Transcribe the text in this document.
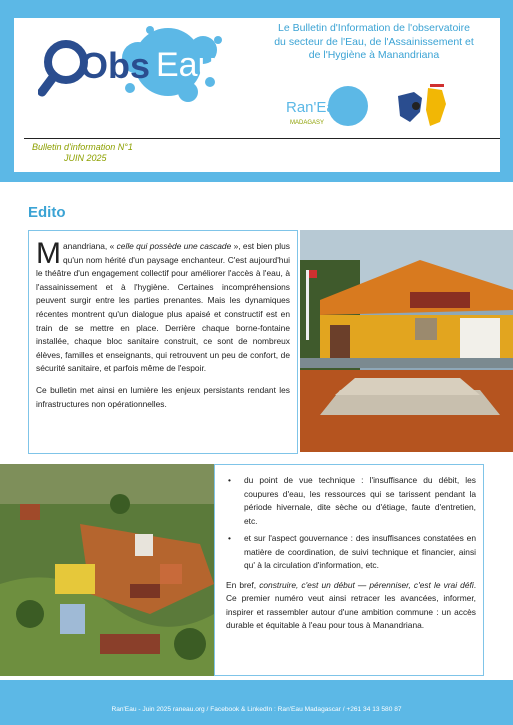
Obs Eau
Le Bulletin d'Information de l'observatoire
du secteur de l'Eau, de l'Assainissement et
de l'Hygiène à Manandriana
Ran'Eau
MADAGASY
Bulletin d'information N°1
JUIN 2025
Edito

Manandriana, « celle qui possède une cascade », est bien plus qu'un nom hérité d'un paysage enchanteur. C'est aujourd'hui le théâtre d'un engagement collectif pour améliorer l'accès à l'eau, à l'assainissement et à l'hygiène. Certaines incompréhensions peuvent surgir entre les parties prenantes. Mais les dynamiques récentes montrent qu'un dialogue plus apaisé et constructif est en train de se mettre en place. Derrière chaque borne-fontaine installée, chaque bloc sanitaire construit, ce sont de nombreux élèves, familles et enseignants, qui retrouvent un peu de confort, de sécurité sanitaire, et parfois même de l'espoir.

Ce bulletin met ainsi en lumière les enjeux persistants rendant les infrastructures non opérationnelles.

• du point de vue technique : l'insuffisance du débit, les coupures d'eau, les ressources qui se tarissent pendant la période hivernale, dite sèche ou d'étiage, faute d'entretien, etc.
• et sur l'aspect gouvernance : des insuffisances constatées en matière de coordination, de suivi technique et financier, ainsi qu' à la circulation d'information, etc.

En bref, construire, c'est un début — pérenniser, c'est le vrai défi. Ce premier numéro veut ainsi retracer les avancées, informer, inspirer et rassembler autour d'une ambition commune : un accès durable et équitable à l'eau pour tous à Manandriana.

Ran'Eau - Juin 2025 raneau.org / Facebook & LinkedIn : Ran'Eau Madagascar / +261 34 13 580 87
